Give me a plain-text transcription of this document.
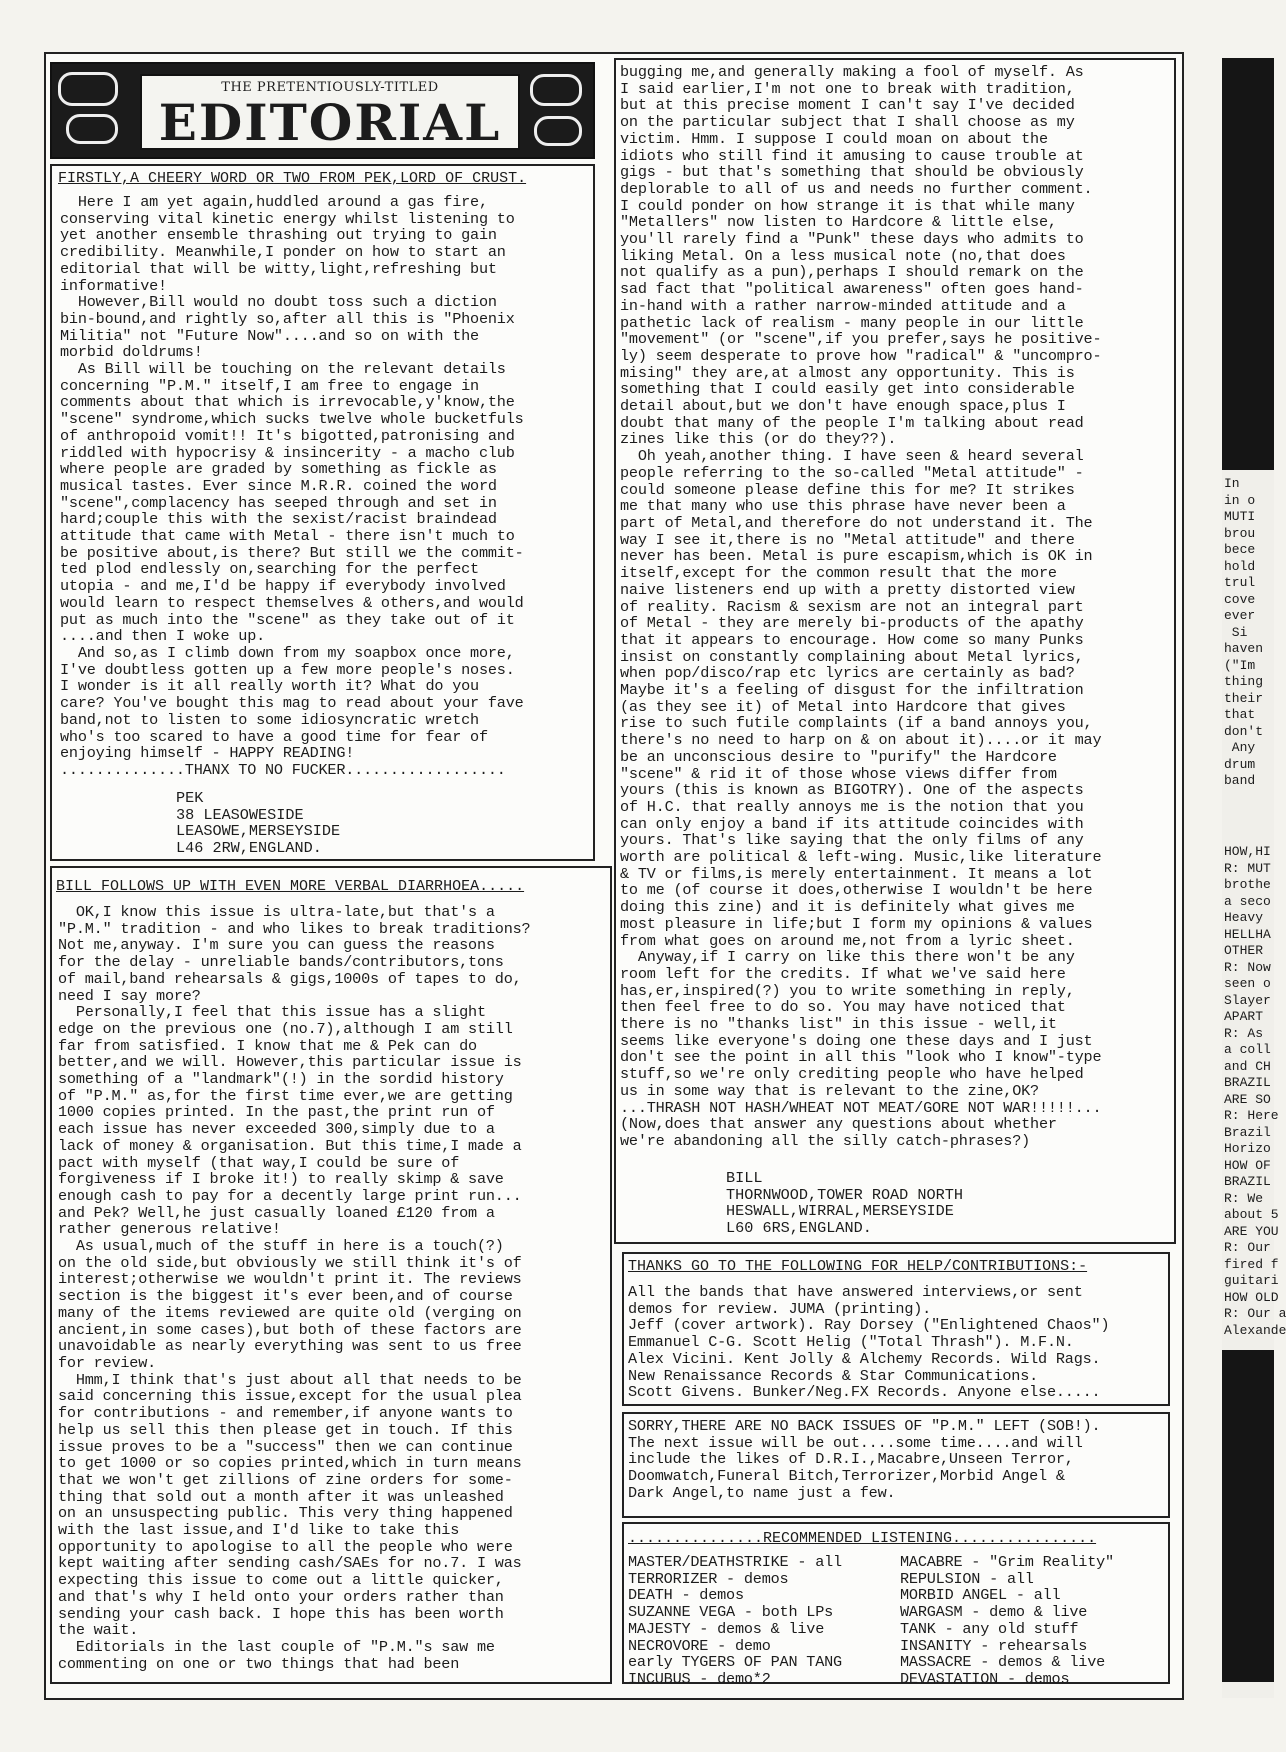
THE PRETENTIOUSLY-TITLED
EDITORIAL
FIRSTLY,A CHEERY WORD OR TWO FROM PEK,LORD OF CRUST.
Here I am yet again,huddled around a gas fire,
conserving vital kinetic energy whilst listening to
yet another ensemble thrashing out trying to gain
credibility. Meanwhile,I ponder on how to start an
editorial that will be witty,light,refreshing but
informative!
However,Bill would no doubt toss such a diction
bin-bound,and rightly so,after all this is "Phoenix
Militia" not "Future Now"....and so on with the
morbid doldrums!
As Bill will be touching on the relevant details
concerning "P.M." itself,I am free to engage in
comments about that which is irrevocable,y'know,the
"scene" syndrome,which sucks twelve whole bucketfuls
of anthropoid vomit!! It's bigotted,patronising and
riddled with hypocrisy & insincerity - a macho club
where people are graded by something as fickle as
musical tastes. Ever since M.R.R. coined the word
"scene",complacency has seeped through and set in
hard;couple this with the sexist/racist braindead
attitude that came with Metal - there isn't much to
be positive about,is there? But still we the commit-
ted plod endlessly on,searching for the perfect
utopia - and me,I'd be happy if everybody involved
would learn to respect themselves & others,and would
put as much into the "scene" as they take out of it
....and then I woke up.
And so,as I climb down from my soapbox once more,
I've doubtless gotten up a few more people's noses.
I wonder is it all really worth it? What do you
care? You've bought this mag to read about your fave
band,not to listen to some idiosyncratic wretch
who's too scared to have a good time for fear of
enjoying himself - HAPPY READING!
..............THANX TO NO FUCKER..................
PEK
38 LEASOWESIDE
LEASOWE,MERSEYSIDE
L46 2RW,ENGLAND.
BILL FOLLOWS UP WITH EVEN MORE VERBAL DIARRHOEA.....
OK,I know this issue is ultra-late,but that's a
"P.M." tradition - and who likes to break traditions?
Not me,anyway. I'm sure you can guess the reasons
for the delay - unreliable bands/contributors,tons
of mail,band rehearsals & gigs,1000s of tapes to do,
need I say more?
Personally,I feel that this issue has a slight
edge on the previous one (no.7),although I am still
far from satisfied. I know that me & Pek can do
better,and we will. However,this particular issue is
something of a "landmark"(!) in the sordid history
of "P.M." as,for the first time ever,we are getting
1000 copies printed. In the past,the print run of
each issue has never exceeded 300,simply due to a
lack of money & organisation. But this time,I made a
pact with myself (that way,I could be sure of
forgiveness if I broke it!) to really skimp & save
enough cash to pay for a decently large print run...
and Pek? Well,he just casually loaned £120 from a
rather generous relative!
As usual,much of the stuff in here is a touch(?)
on the old side,but obviously we still think it's of
interest;otherwise we wouldn't print it. The reviews
section is the biggest it's ever been,and of course
many of the items reviewed are quite old (verging on
ancient,in some cases),but both of these factors are
unavoidable as nearly everything was sent to us free
for review.
Hmm,I think that's just about all that needs to be
said concerning this issue,except for the usual plea
for contributions - and remember,if anyone wants to
help us sell this then please get in touch. If this
issue proves to be a "success" then we can continue
to get 1000 or so copies printed,which in turn means
that we won't get zillions of zine orders for some-
thing that sold out a month after it was unleashed
on an unsuspecting public. This very thing happened
with the last issue,and I'd like to take this
opportunity to apologise to all the people who were
kept waiting after sending cash/SAEs for no.7. I was
expecting this issue to come out a little quicker,
and that's why I held onto your orders rather than
sending your cash back. I hope this has been worth
the wait.
Editorials in the last couple of "P.M."s saw me
commenting on one or two things that had been
bugging me,and generally making a fool of myself. As
I said earlier,I'm not one to break with tradition,
but at this precise moment I can't say I've decided
on the particular subject that I shall choose as my
victim. Hmm. I suppose I could moan on about the
idiots who still find it amusing to cause trouble at
gigs - but that's something that should be obviously
deplorable to all of us and needs no further comment.
I could ponder on how strange it is that while many
"Metallers" now listen to Hardcore & little else,
you'll rarely find a "Punk" these days who admits to
liking Metal. On a less musical note (no,that does
not qualify as a pun),perhaps I should remark on the
sad fact that "political awareness" often goes hand-
in-hand with a rather narrow-minded attitude and a
pathetic lack of realism - many people in our little
"movement" (or "scene",if you prefer,says he positive-
ly) seem desperate to prove how "radical" & "uncompro-
mising" they are,at almost any opportunity. This is
something that I could easily get into considerable
detail about,but we don't have enough space,plus I
doubt that many of the people I'm talking about read
zines like this (or do they??).
Oh yeah,another thing. I have seen & heard several
people referring to the so-called "Metal attitude" -
could someone please define this for me? It strikes
me that many who use this phrase have never been a
part of Metal,and therefore do not understand it. The
way I see it,there is no "Metal attitude" and there
never has been. Metal is pure escapism,which is OK in
itself,except for the common result that the more
naive listeners end up with a pretty distorted view
of reality. Racism & sexism are not an integral part
of Metal - they are merely bi-products of the apathy
that it appears to encourage. How come so many Punks
insist on constantly complaining about Metal lyrics,
when pop/disco/rap etc lyrics are certainly as bad?
Maybe it's a feeling of disgust for the infiltration
(as they see it) of Metal into Hardcore that gives
rise to such futile complaints (if a band annoys you,
there's no need to harp on & on about it)....or it may
be an unconscious desire to "purify" the Hardcore
"scene" & rid it of those whose views differ from
yours (this is known as BIGOTRY). One of the aspects
of H.C. that really annoys me is the notion that you
can only enjoy a band if its attitude coincides with
yours. That's like saying that the only films of any
worth are political & left-wing. Music,like literature
& TV or films,is merely entertainment. It means a lot
to me (of course it does,otherwise I wouldn't be here
doing this zine) and it is definitely what gives me
most pleasure in life;but I form my opinions & values
from what goes on around me,not from a lyric sheet.
Anyway,if I carry on like this there won't be any
room left for the credits. If what we've said here
has,er,inspired(?) you to write something in reply,
then feel free to do so. You may have noticed that
there is no "thanks list" in this issue - well,it
seems like everyone's doing one these days and I just
don't see the point in all this "look who I know"-type
stuff,so we're only crediting people who have helped
us in some way that is relevant to the zine,OK?
...THRASH NOT HASH/WHEAT NOT MEAT/GORE NOT WAR!!!!!...
(Now,does that answer any questions about whether
we're abandoning all the silly catch-phrases?)
BILL
THORNWOOD,TOWER ROAD NORTH
HESWALL,WIRRAL,MERSEYSIDE
L60 6RS,ENGLAND.
THANKS GO TO THE FOLLOWING FOR HELP/CONTRIBUTIONS:-
All the bands that have answered interviews,or sent
demos for review. JUMA (printing).
Jeff (cover artwork). Ray Dorsey ("Enlightened Chaos")
Emmanuel C-G. Scott Helig ("Total Thrash"). M.F.N.
Alex Vicini. Kent Jolly & Alchemy Records. Wild Rags.
New Renaissance Records & Star Communications.
Scott Givens. Bunker/Neg.FX Records. Anyone else.....
SORRY,THERE ARE NO BACK ISSUES OF "P.M." LEFT (SOB!).
The next issue will be out....some time....and will
include the likes of D.R.I.,Macabre,Unseen Terror,
Doomwatch,Funeral Bitch,Terrorizer,Morbid Angel &
Dark Angel,to name just a few.
...............RECOMMENDED LISTENING................
MASTER/DEATHSTRIKE - all
TERRORIZER - demos
DEATH - demos
SUZANNE VEGA - both LPs
MAJESTY - demos & live
NECROVORE - demo
early TYGERS OF PAN TANG
INCUBUS - demo*2
MACABRE - "Grim Reality"
REPULSION - all
MORBID ANGEL - all
WARGASM - demo & live
TANK - any old stuff
INSANITY - rehearsals
MASSACRE - demos & live
DEVASTATION - demos
In
in o
MUTI
brou
bece
hold
trul
cove
ever
Si
haven
("Im
thing
their
that
don't
Any
drum
band
HOW,HI
R: MUT
brothe
a seco
Heavy
HELLHA
OTHER
R: Now
seen o
Slayer
APART
R: As
a coll
and CH
BRAZIL
ARE SO
R: Here
Brazil
Horizo
HOW OF
BRAZIL
R: We
about 5
ARE YOU
R: Our
fired f
guitari
HOW OLD
R: Our a
Alexande
